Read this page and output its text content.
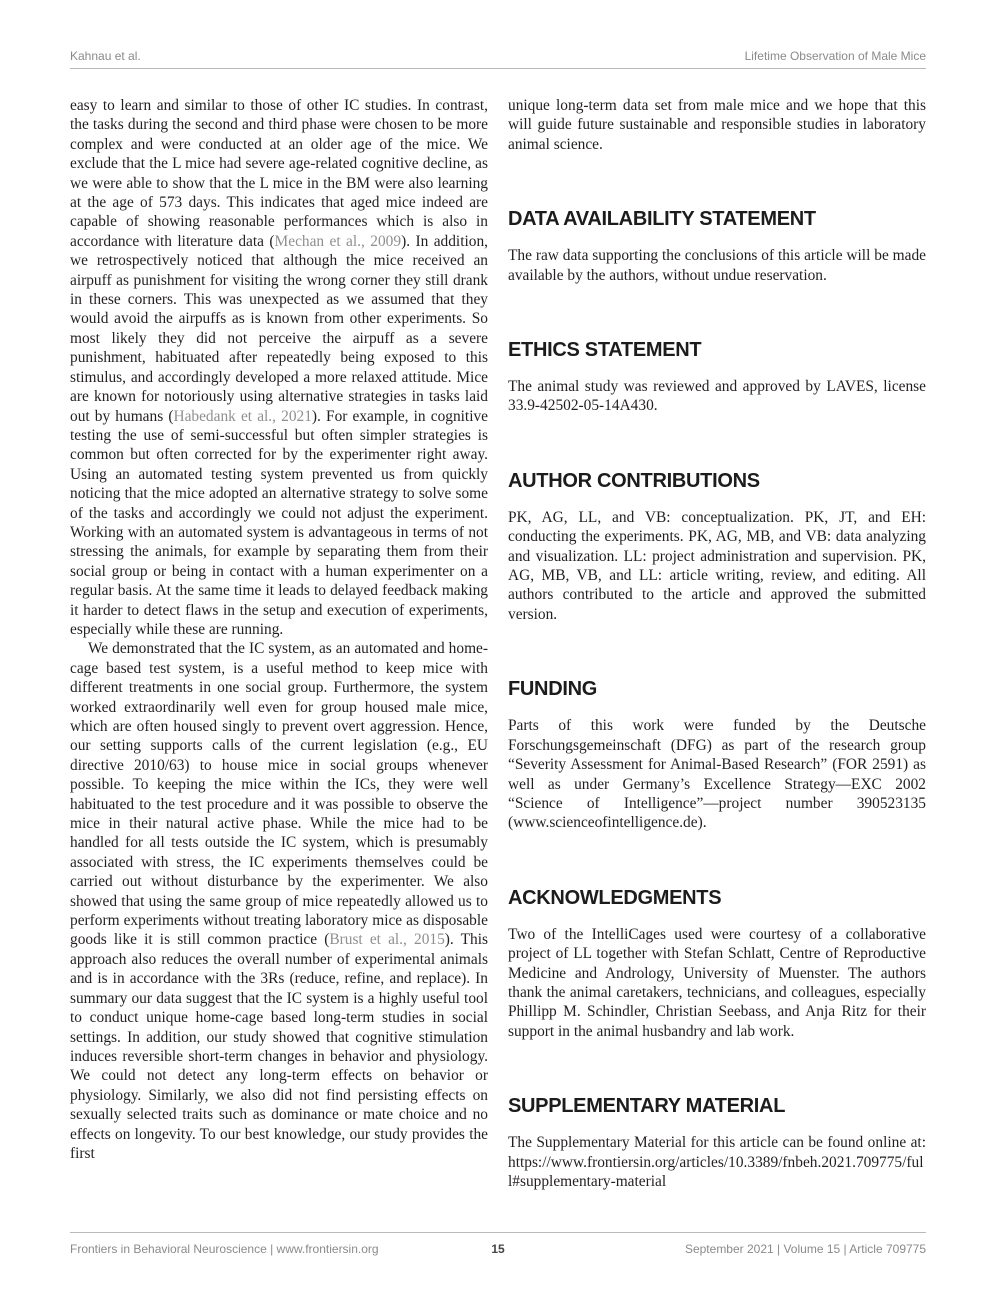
Kahnau et al.	Lifetime Observation of Male Mice

easy to learn and similar to those of other IC studies. In contrast, the tasks during the second and third phase were chosen to be more complex and were conducted at an older age of the mice. We exclude that the L mice had severe age-related cognitive decline, as we were able to show that the L mice in the BM were also learning at the age of 573 days. This indicates that aged mice indeed are capable of showing reasonable performances which is also in accordance with literature data (Mechan et al., 2009). In addition, we retrospectively noticed that although the mice received an airpuff as punishment for visiting the wrong corner they still drank in these corners. This was unexpected as we assumed that they would avoid the airpuffs as is known from other experiments. So most likely they did not perceive the airpuff as a severe punishment, habituated after repeatedly being exposed to this stimulus, and accordingly developed a more relaxed attitude. Mice are known for notoriously using alternative strategies in tasks laid out by humans (Habedank et al., 2021). For example, in cognitive testing the use of semi-successful but often simpler strategies is common but often corrected for by the experimenter right away. Using an automated testing system prevented us from quickly noticing that the mice adopted an alternative strategy to solve some of the tasks and accordingly we could not adjust the experiment. Working with an automated system is advantageous in terms of not stressing the animals, for example by separating them from their social group or being in contact with a human experimenter on a regular basis. At the same time it leads to delayed feedback making it harder to detect flaws in the setup and execution of experiments, especially while these are running.

We demonstrated that the IC system, as an automated and home-cage based test system, is a useful method to keep mice with different treatments in one social group. Furthermore, the system worked extraordinarily well even for group housed male mice, which are often housed singly to prevent overt aggression. Hence, our setting supports calls of the current legislation (e.g., EU directive 2010/63) to house mice in social groups whenever possible. To keeping the mice within the ICs, they were well habituated to the test procedure and it was possible to observe the mice in their natural active phase. While the mice had to be handled for all tests outside the IC system, which is presumably associated with stress, the IC experiments themselves could be carried out without disturbance by the experimenter. We also showed that using the same group of mice repeatedly allowed us to perform experiments without treating laboratory mice as disposable goods like it is still common practice (Brust et al., 2015). This approach also reduces the overall number of experimental animals and is in accordance with the 3Rs (reduce, refine, and replace). In summary our data suggest that the IC system is a highly useful tool to conduct unique home-cage based long-term studies in social settings. In addition, our study showed that cognitive stimulation induces reversible short-term changes in behavior and physiology. We could not detect any long-term effects on behavior or physiology. Similarly, we also did not find persisting effects on sexually selected traits such as dominance or mate choice and no effects on longevity. To our best knowledge, our study provides the first

unique long-term data set from male mice and we hope that this will guide future sustainable and responsible studies in laboratory animal science.

DATA AVAILABILITY STATEMENT

The raw data supporting the conclusions of this article will be made available by the authors, without undue reservation.

ETHICS STATEMENT

The animal study was reviewed and approved by LAVES, license 33.9-42502-05-14A430.

AUTHOR CONTRIBUTIONS

PK, AG, LL, and VB: conceptualization. PK, JT, and EH: conducting the experiments. PK, AG, MB, and VB: data analyzing and visualization. LL: project administration and supervision. PK, AG, MB, VB, and LL: article writing, review, and editing. All authors contributed to the article and approved the submitted version.

FUNDING

Parts of this work were funded by the Deutsche Forschungsgemeinschaft (DFG) as part of the research group “Severity Assessment for Animal-Based Research” (FOR 2591) as well as under Germany’s Excellence Strategy—EXC 2002 “Science of Intelligence”—project number 390523135 (www.scienceofintelligence.de).

ACKNOWLEDGMENTS

Two of the IntelliCages used were courtesy of a collaborative project of LL together with Stefan Schlatt, Centre of Reproductive Medicine and Andrology, University of Muenster. The authors thank the animal caretakers, technicians, and colleagues, especially Phillipp M. Schindler, Christian Seebass, and Anja Ritz for their support in the animal husbandry and lab work.

SUPPLEMENTARY MATERIAL

The Supplementary Material for this article can be found online at: https://www.frontiersin.org/articles/10.3389/fnbeh.2021.709775/full#supplementary-material

Frontiers in Behavioral Neuroscience | www.frontiersin.org	15	September 2021 | Volume 15 | Article 709775
